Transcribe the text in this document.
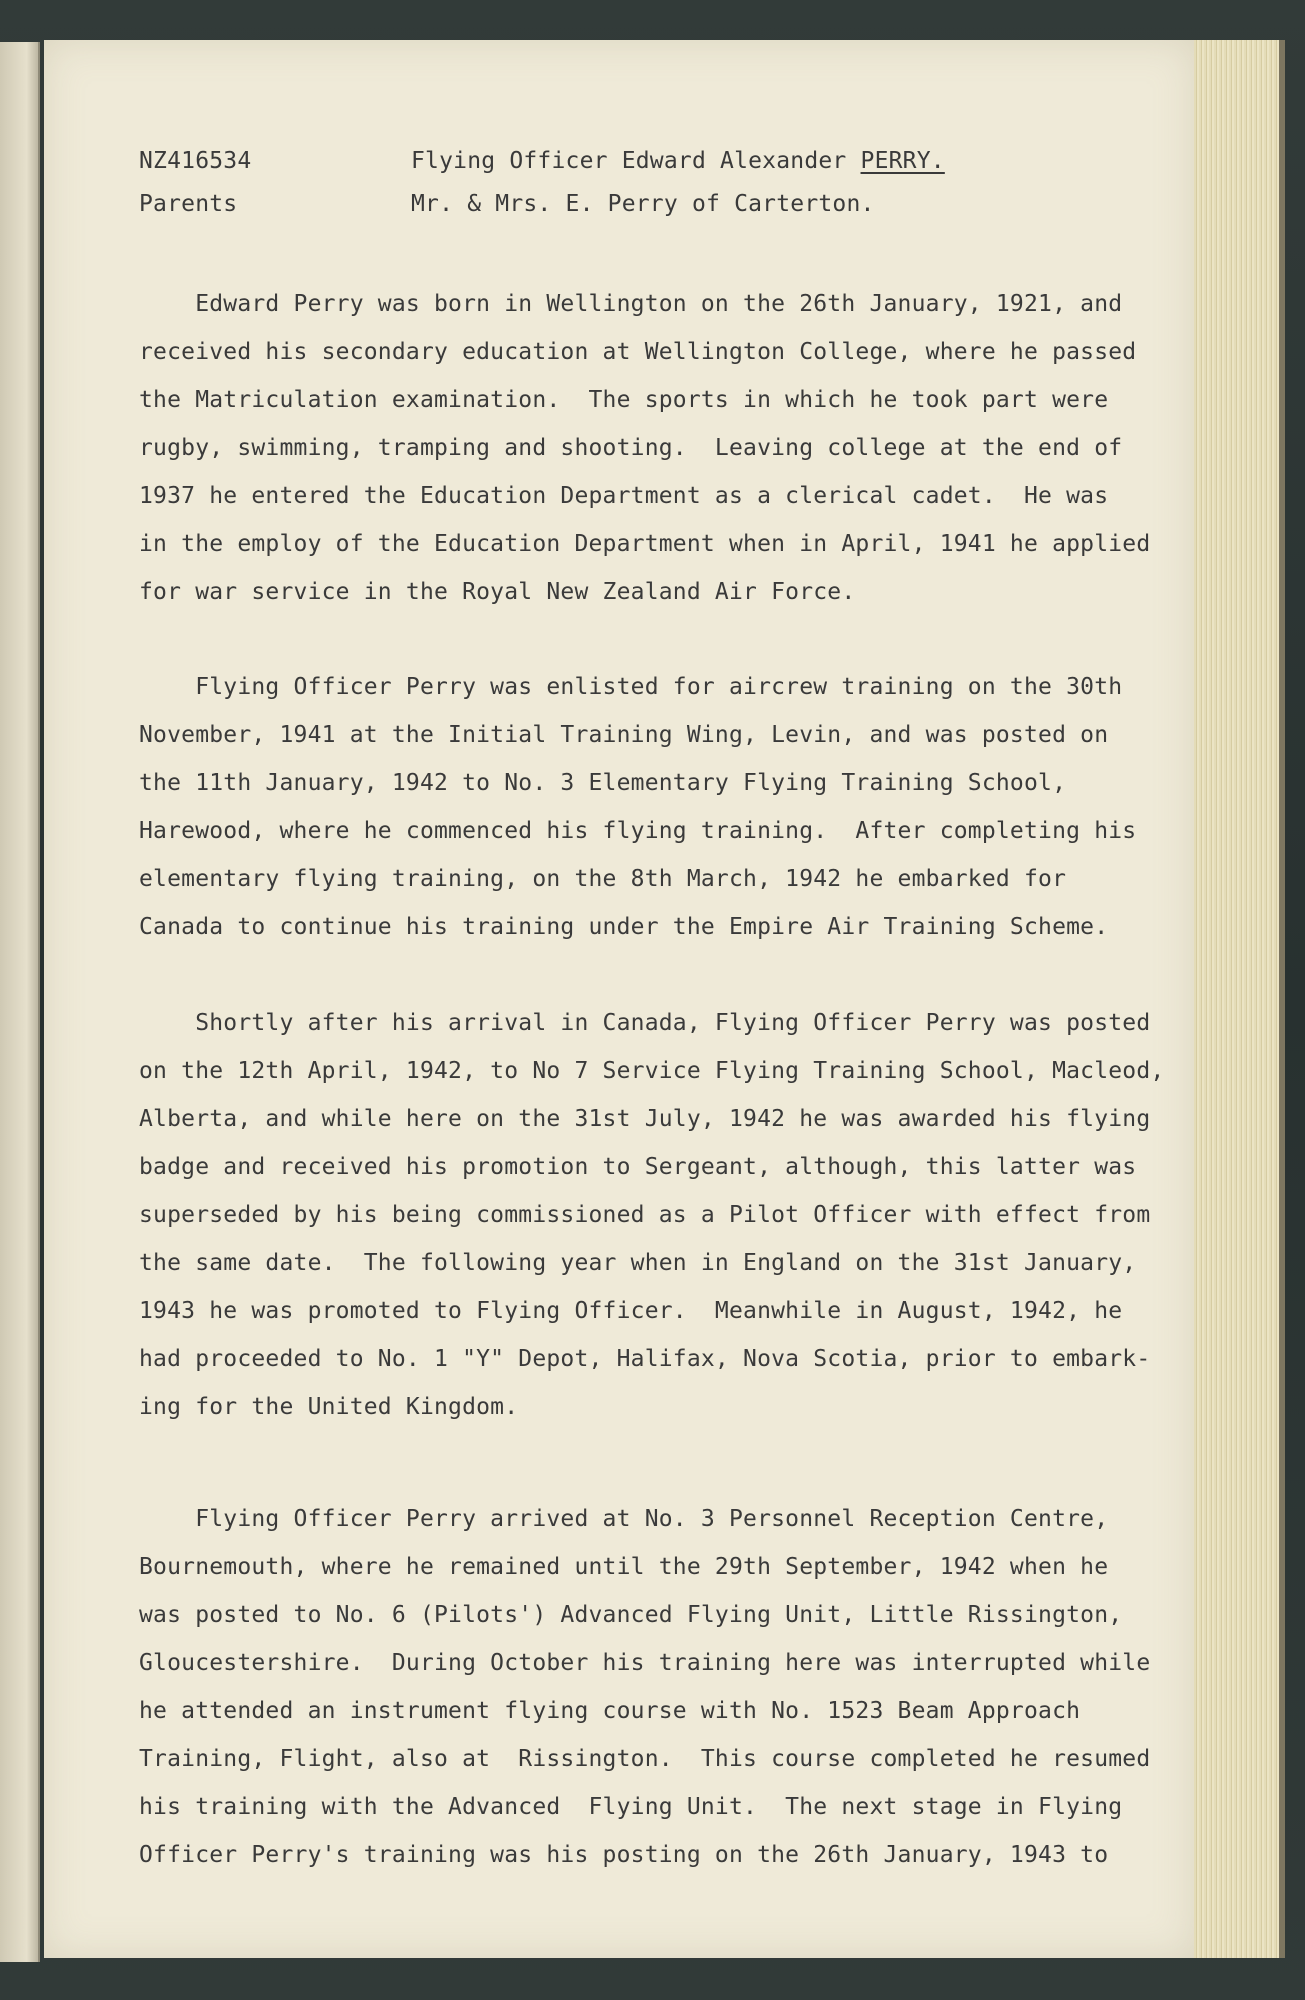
NZ416534	Flying Officer Edward Alexander PERRY.
Parents	Mr. & Mrs. E. Perry of Carterton.
Edward Perry was born in Wellington on the 26th January, 1921, and
received his secondary education at Wellington College, where he passed
the Matriculation examination.  The sports in which he took part were
rugby, swimming, tramping and shooting.  Leaving college at the end of
1937 he entered the Education Department as a clerical cadet.  He was
in the employ of the Education Department when in April, 1941 he applied
for war service in the Royal New Zealand Air Force.
Flying Officer Perry was enlisted for aircrew training on the 30th
November, 1941 at the Initial Training Wing, Levin, and was posted on
the 11th January, 1942 to No. 3 Elementary Flying Training School,
Harewood, where he commenced his flying training.  After completing his
elementary flying training, on the 8th March, 1942 he embarked for
Canada to continue his training under the Empire Air Training Scheme.
Shortly after his arrival in Canada, Flying Officer Perry was posted
on the 12th April, 1942, to No 7 Service Flying Training School, Macleod,
Alberta, and while here on the 31st July, 1942 he was awarded his flying
badge and received his promotion to Sergeant, although, this latter was
superseded by his being commissioned as a Pilot Officer with effect from
the same date.  The following year when in England on the 31st January,
1943 he was promoted to Flying Officer.  Meanwhile in August, 1942, he
had proceeded to No. 1 "Y" Depot, Halifax, Nova Scotia, prior to embark-
ing for the United Kingdom.
Flying Officer Perry arrived at No. 3 Personnel Reception Centre,
Bournemouth, where he remained until the 29th September, 1942 when he
was posted to No. 6 (Pilots') Advanced Flying Unit, Little Rissington,
Gloucestershire.  During October his training here was interrupted while
he attended an instrument flying course with No. 1523 Beam Approach
Training, Flight, also at  Rissington.  This course completed he resumed
his training with the Advanced  Flying Unit.  The next stage in Flying
Officer Perry's training was his posting on the 26th January, 1943 to
